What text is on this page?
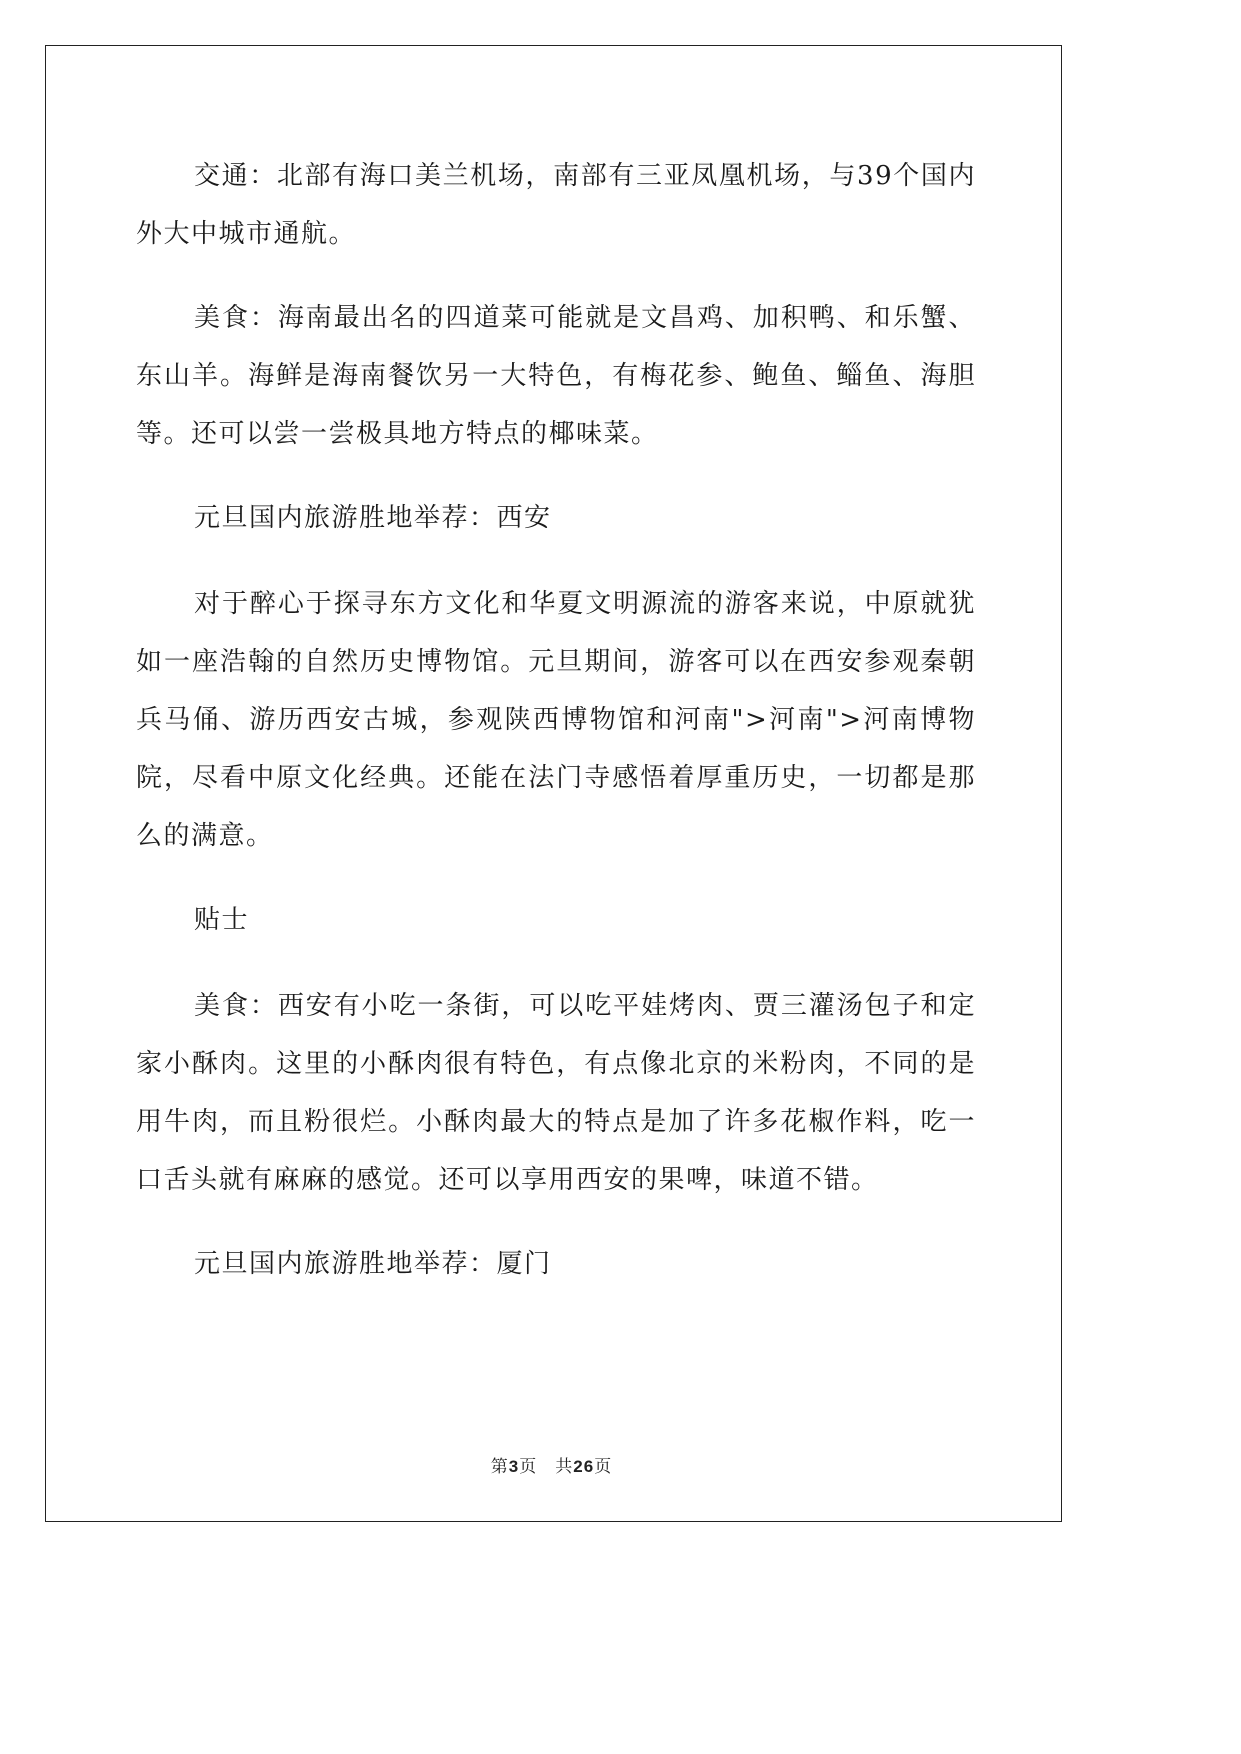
交通：北部有海口美兰机场，南部有三亚凤凰机场，与39个国内外大中城市通航。

美食：海南最出名的四道菜可能就是文昌鸡、加积鸭、和乐蟹、东山羊。海鲜是海南餐饮另一大特色，有梅花参、鲍鱼、鲻鱼、海胆等。还可以尝一尝极具地方特点的椰味菜。

元旦国内旅游胜地举荐：西安

对于醉心于探寻东方文化和华夏文明源流的游客来说，中原就犹如一座浩翰的自然历史博物馆。元旦期间，游客可以在西安参观秦朝兵马俑、游历西安古城，参观陕西博物馆和河南">河南">河南博物院，尽看中原文化经典。还能在法门寺感悟着厚重历史，一切都是那么的满意。

贴士

美食：西安有小吃一条街，可以吃平娃烤肉、贾三灌汤包子和定家小酥肉。这里的小酥肉很有特色，有点像北京的米粉肉，不同的是用牛肉，而且粉很烂。小酥肉最大的特点是加了许多花椒作料，吃一口舌头就有麻麻的感觉。还可以享用西安的果啤，味道不错。

元旦国内旅游胜地举荐：厦门

第3页 共26页
